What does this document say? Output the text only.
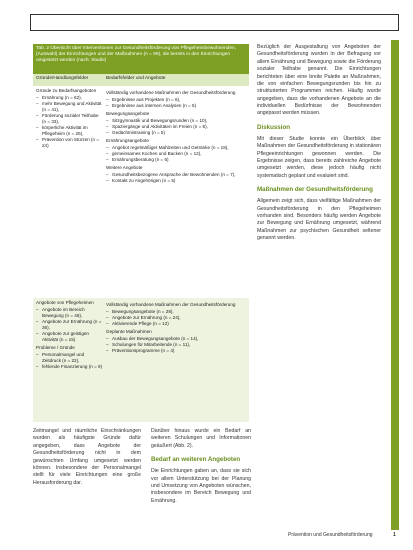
Tab. 2 Übersicht über Interventionen zur Gesundheitsförderung von Pflegeheimbewohnenden, (Auswahl) der Einrichtungen und der Maßnahmen (n = 99), die bereits in den Einrichtungen umgesetzt werden (nach: Studie)
Gründe/Handlungsfelder	Bedarfsfelder und Angebote

Gründe zu Bedarfsangeboten

– Ernährung (n = 62),
– mehr Bewegung und Aktivität (n = 41),
– Förderung sozialer Teilhabe (n = 33),
– körperliche Aktivität im Pflegeheim (n = 25),
– Prävention von Stürzen (n = 24)

Vollständig vorhandene Maßnahmen der Gesundheitsförderung

– Ergebnisse aus Projekten (n = 6),
– Ergebnisse aus internen Analysen (n = 5)

Bewegungsangebote

– Sitzgymnastik und Bewegungsrunden (n = 10),
– Spaziergänge und Aktivitäten im Freien (n = 8),
– Gedächtnistraining (n = 5)

Ernährungsangebote

– Angebot regelmäßiger Mahlzeiten und Getränke (n = 18),
– gemeinsames Kochen und Backen (n = 12),
– Ernährungsberatung (n = 6)

Weitere Angebote

– Gesundheitsbezogene Ansprache der Bewohnenden (n = 7),
– Kontakt zu Angehörigen (n = 5)

Angebote von Pflegeheimen

– Angebote im Bereich Bewegung (n = 48),
– Angebote zur Ernährung (n = 36),
– Angebote zur geistigen Aktivität (n = 15)

Probleme / Gründe

– Personalmangel und Zeitdruck (n = 22),
– fehlende Finanzierung (n = 9)

Vollständig vorhandene Maßnahmen der Gesundheitsförderung

– Bewegungsangebote (n = 28),
– Angebote zur Ernährung (n = 24),
– Aktivierende Pflege (n = 12)

Geplante Maßnahmen

– Ausbau der Bewegungsangebote (n = 14),
– Schulungen für Mitarbeitende (n = 11),
– Präventionsprogramme (n = 4)

Bezüglich der Ausgestaltung von Angeboten der Gesundheitsförderung wurden in der Befragung vor allem Ernährung und Bewegung sowie die Förderung sozialer Teilhabe genannt. Die Einrichtungen berichteten über eine breite Palette an Maßnahmen, die von einfachen Bewegungsrunden bis hin zu strukturierten Programmen reichen. Häufig wurde angegeben, dass die vorhandenen Angebote an die individuellen Bedürfnisse der Bewohnenden angepasst werden müssen.

Diskussion

Mit dieser Studie konnte ein Überblick über Maßnahmen der Gesundheitsförderung in stationären Pflegeeinrichtungen gewonnen werden. Die Ergebnisse zeigen, dass bereits zahlreiche Angebote umgesetzt werden, diese jedoch häufig nicht systematisch geplant und evaluiert sind.

Maßnahmen der Gesundheitsförderung

Allgemein zeigt sich, dass vielfältige Maßnahmen der Gesundheitsförderung in den Pflegeheimen vorhanden sind. Besonders häufig werden Angebote zur Bewegung und Ernährung umgesetzt, während Maßnahmen zur psychischen Gesundheit seltener genannt werden.

Zeitmangel und räumliche Einschränkungen wurden als häufigste Gründe dafür angegeben, dass Angebote der Gesundheitsförderung nicht in dem gewünschten Umfang umgesetzt werden können. Insbesondere der Personalmangel stellt für viele Einrichtungen eine große Herausforderung dar.

Darüber hinaus wurde ein Bedarf an weiteren Schulungen und Informationen geäußert (Abb. 2).

Bedarf an weiteren Angeboten

Die Einrichtungen gaben an, dass sie sich vor allem Unterstützung bei der Planung und Umsetzung von Angeboten wünschen, insbesondere im Bereich Bewegung und Ernährung.

Prävention und Gesundheitsförderung	1
